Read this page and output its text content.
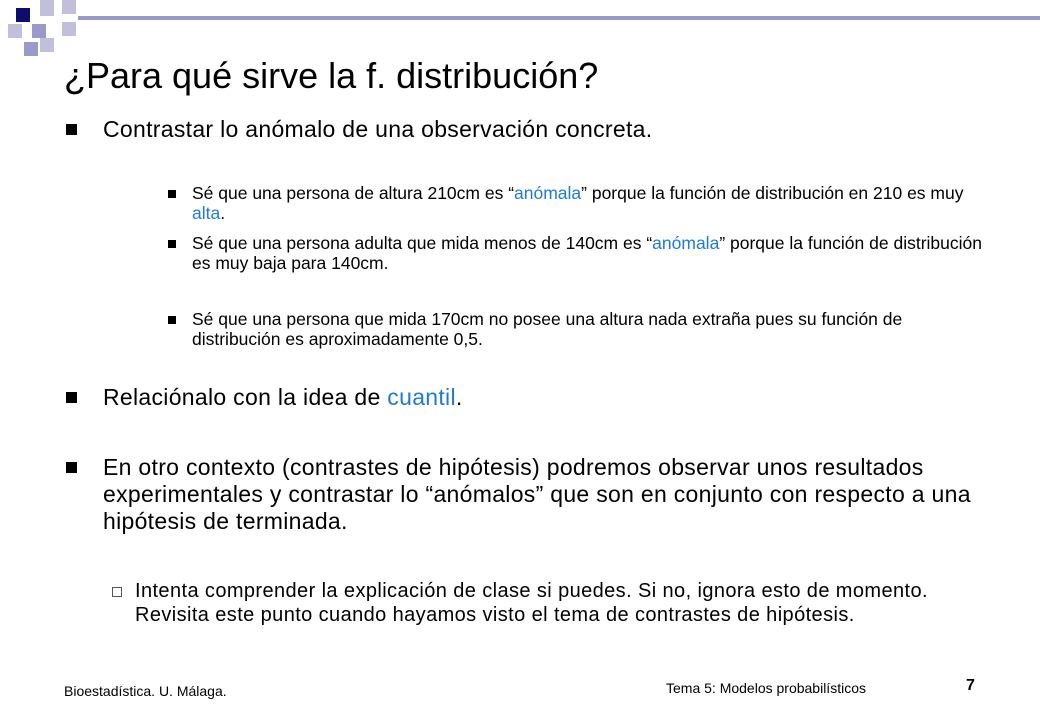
¿Para qué sirve la f. distribución?
Contrastar lo anómalo de una observación concreta.
Sé que una persona de altura 210cm es “anómala” porque la función de distribución en 210 es muy alta.
Sé que una persona adulta que mida menos de 140cm es “anómala” porque la función de distribución es muy baja para 140cm.
Sé que una persona que mida 170cm no posee una altura nada extraña pues su función de distribución es aproximadamente 0,5.
Relaciónalo con la idea de cuantil.
En otro contexto (contrastes de hipótesis) podremos observar unos resultados experimentales y contrastar lo “anómalos” que son en conjunto con respecto a una hipótesis de terminada.
Intenta comprender la explicación de clase si puedes. Si no, ignora esto de momento. Revisita este punto cuando hayamos visto el tema de contrastes de hipótesis.
Bioestadística. U. Málaga.	Tema 5: Modelos probabilísticos	7
